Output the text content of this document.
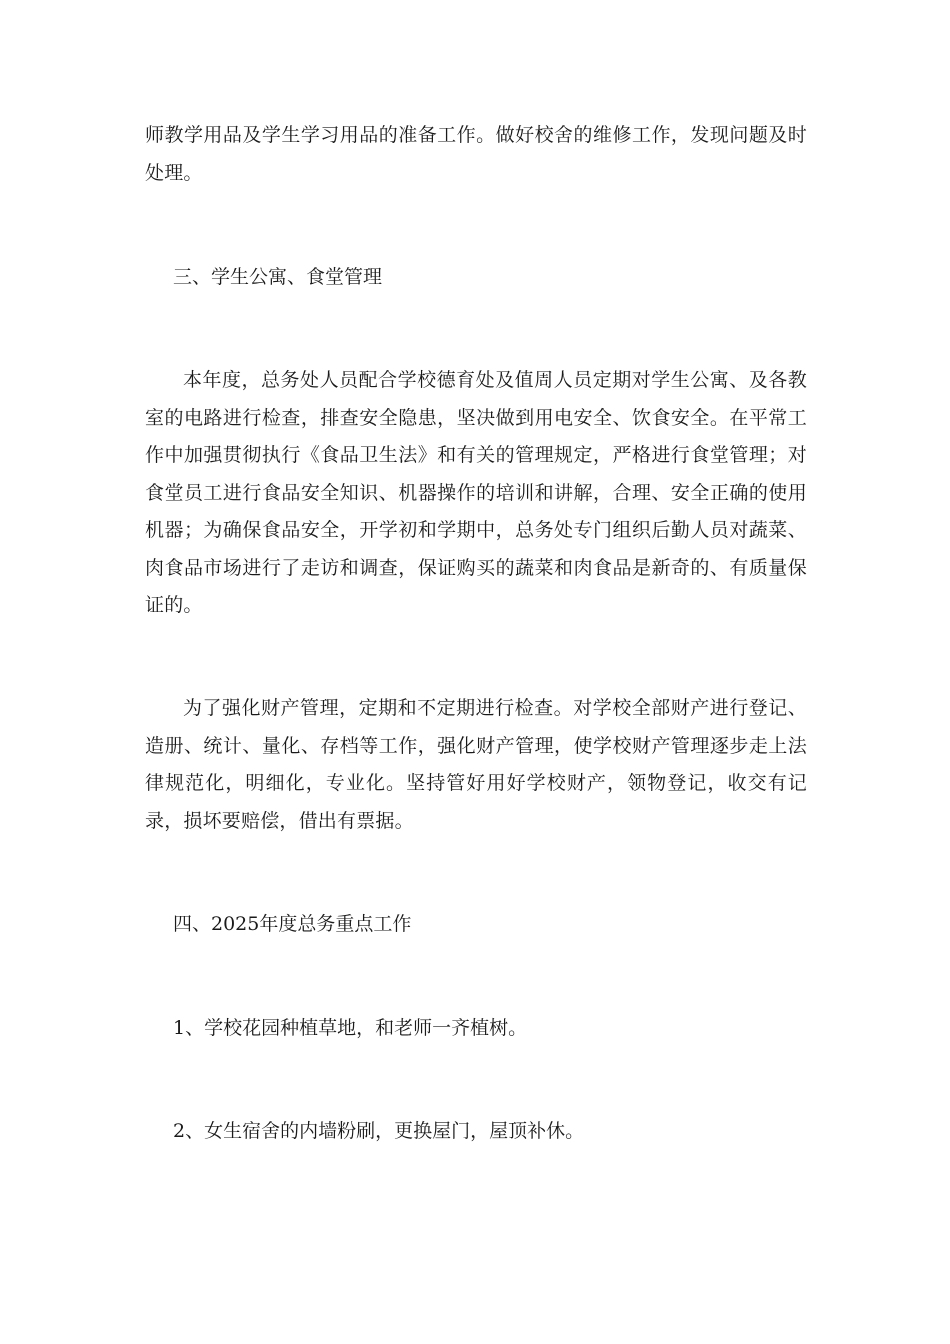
师教学用品及学生学习用品的准备工作。做好校舍的维修工作，发现问题及时处理。

三、学生公寓、食堂管理

本年度，总务处人员配合学校德育处及值周人员定期对学生公寓、及各教室的电路进行检查，排查安全隐患，坚决做到用电安全、饮食安全。在平常工作中加强贯彻执行《食品卫生法》和有关的管理规定，严格进行食堂管理；对食堂员工进行食品安全知识、机器操作的培训和讲解，合理、安全正确的使用机器；为确保食品安全，开学初和学期中，总务处专门组织后勤人员对蔬菜、肉食品市场进行了走访和调查，保证购买的蔬菜和肉食品是新奇的、有质量保证的。

为了强化财产管理，定期和不定期进行检查。对学校全部财产进行登记、造册、统计、量化、存档等工作，强化财产管理，使学校财产管理逐步走上法律规范化，明细化，专业化。坚持管好用好学校财产，领物登记，收交有记录，损坏要赔偿，借出有票据。

四、2025年度总务重点工作

1、学校花园种植草地，和老师一齐植树。

2、女生宿舍的内墙粉刷，更换屋门，屋顶补休。
